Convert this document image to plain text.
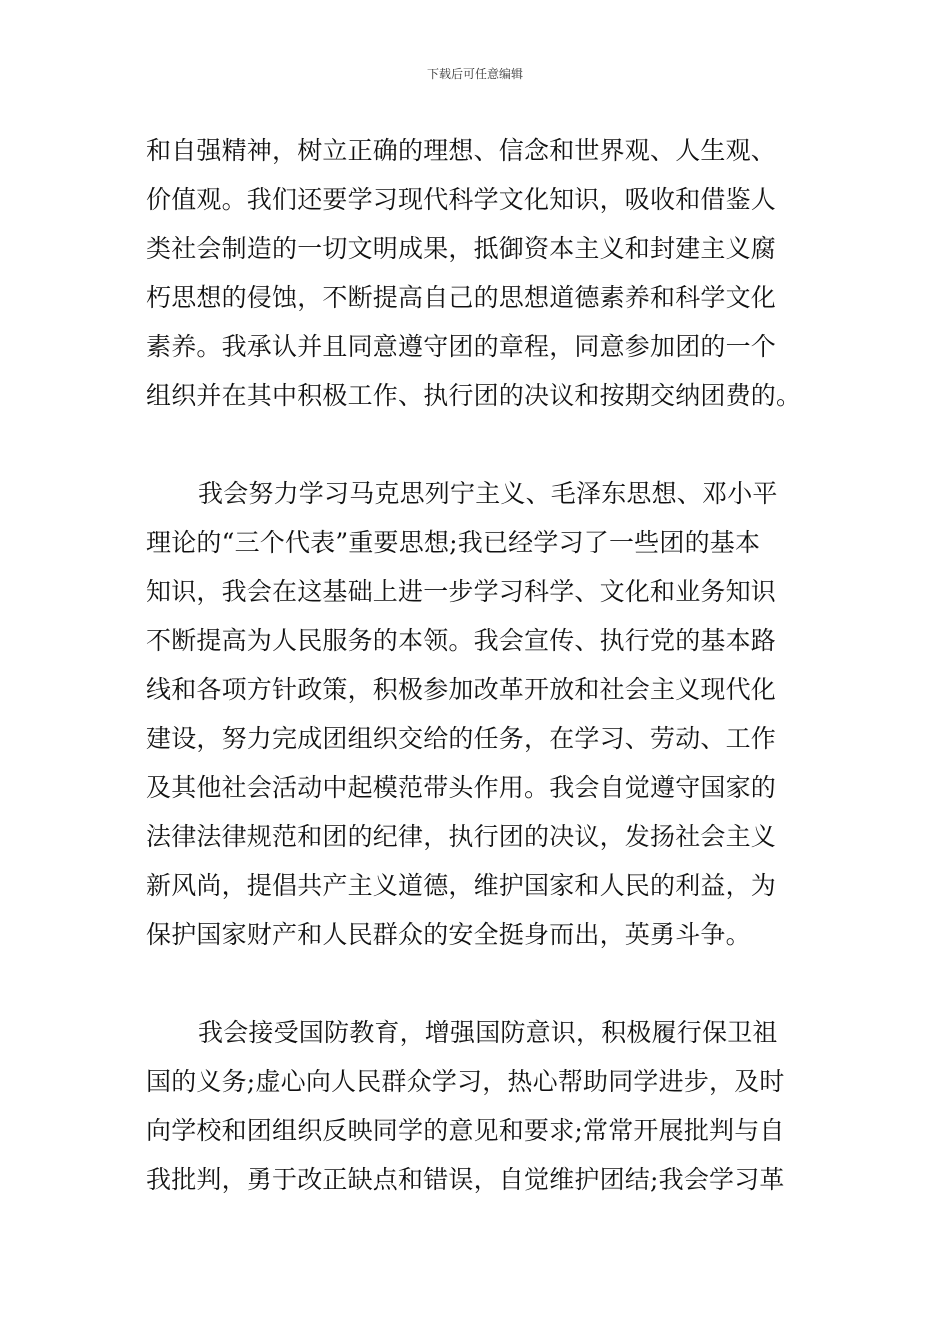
下载后可任意编辑
和自强精神，树立正确的理想、信念和世界观、人生观、
价值观。我们还要学习现代科学文化知识，吸收和借鉴人
类社会制造的一切文明成果，抵御资本主义和封建主义腐
朽思想的侵蚀，不断提高自己的思想道德素养和科学文化
素养。我承认并且同意遵守团的章程，同意参加团的一个
组织并在其中积极工作、执行团的决议和按期交纳团费的。
我会努力学习马克思列宁主义、毛泽东思想、邓小平
理论的“三个代表”重要思想;我已经学习了一些团的基本
知识，我会在这基础上进一步学习科学、文化和业务知识
不断提高为人民服务的本领。我会宣传、执行党的基本路
线和各项方针政策，积极参加改革开放和社会主义现代化
建设，努力完成团组织交给的任务，在学习、劳动、工作
及其他社会活动中起模范带头作用。我会自觉遵守国家的
法律法律规范和团的纪律，执行团的决议，发扬社会主义
新风尚，提倡共产主义道德，维护国家和人民的利益，为
保护国家财产和人民群众的安全挺身而出，英勇斗争。
我会接受国防教育，增强国防意识，积极履行保卫祖
国的义务;虚心向人民群众学习，热心帮助同学进步，及时
向学校和团组织反映同学的意见和要求;常常开展批判与自
我批判，勇于改正缺点和错误，自觉维护团结;我会学习革
